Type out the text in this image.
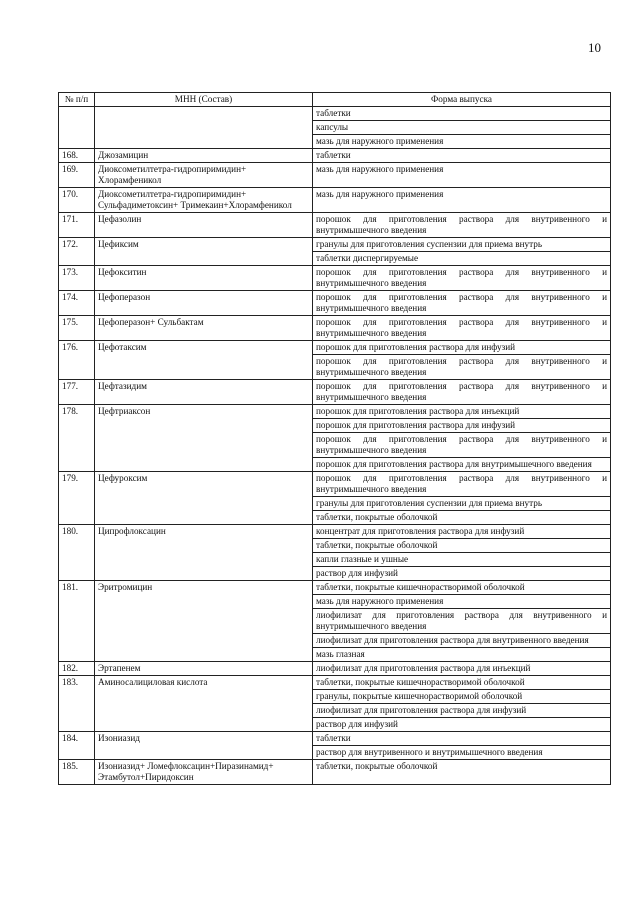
10
№ п/п	МНН (Состав)	Форма выпуска
		таблетки
		капсулы
		мазь для наружного применения
168.	Джозамицин	таблетки
169.	Диоксометилтетра-гидропиримидин+ Хлорамфеникол	мазь для наружного применения
170.	Диоксометилтетра-гидропиримидин+ Сульфадиметоксин+ Тримекаин+Хлорамфеникол	мазь для наружного применения
171.	Цефазолин	порошок для приготовления раствора для внутривенного и внутримышечного введения
172.	Цефиксим	гранулы для приготовления суспензии для приема внутрь
		таблетки диспергируемые
173.	Цефокситин	порошок для приготовления раствора для внутривенного и внутримышечного введения
174.	Цефоперазон	порошок для приготовления раствора для внутривенного и внутримышечного введения
175.	Цефоперазон+ Сульбактам	порошок для приготовления раствора для внутривенного и внутримышечного введения
176.	Цефотаксим	порошок для приготовления раствора для инфузий
		порошок для приготовления раствора для внутривенного и внутримышечного введения
177.	Цефтазидим	порошок для приготовления раствора для внутривенного и внутримышечного введения
178.	Цефтриаксон	порошок для приготовления раствора для инъекций
		порошок для приготовления раствора для инфузий
		порошок для приготовления раствора для внутривенного и внутримышечного введения
		порошок для приготовления раствора для внутримышечного введения
179.	Цефуроксим	порошок для приготовления раствора для внутривенного и внутримышечного введения
		гранулы для приготовления суспензии для приема внутрь
		таблетки, покрытые оболочкой
180.	Ципрофлоксацин	концентрат для приготовления раствора для инфузий
		таблетки, покрытые оболочкой
		капли глазные и ушные
		раствор для инфузий
181.	Эритромицин	таблетки, покрытые кишечнорастворимой оболочкой
		мазь для наружного применения
		лиофилизат для приготовления раствора для внутривенного и внутримышечного введения
		лиофилизат для приготовления раствора для внутривенного введения
		мазь глазная
182.	Эртапенем	лиофилизат для приготовления раствора для инъекций
183.	Аминосалициловая кислота	таблетки, покрытые кишечнорастворимой оболочкой
		гранулы, покрытые кишечнорастворимой оболочкой
		лиофилизат для приготовления раствора для инфузий
		раствор для инфузий
184.	Изониазид	таблетки
		раствор для внутривенного и внутримышечного введения
185.	Изониазид+ Ломефлоксацин+Пиразинамид+ Этамбутол+Пиридоксин	таблетки, покрытые оболочкой
